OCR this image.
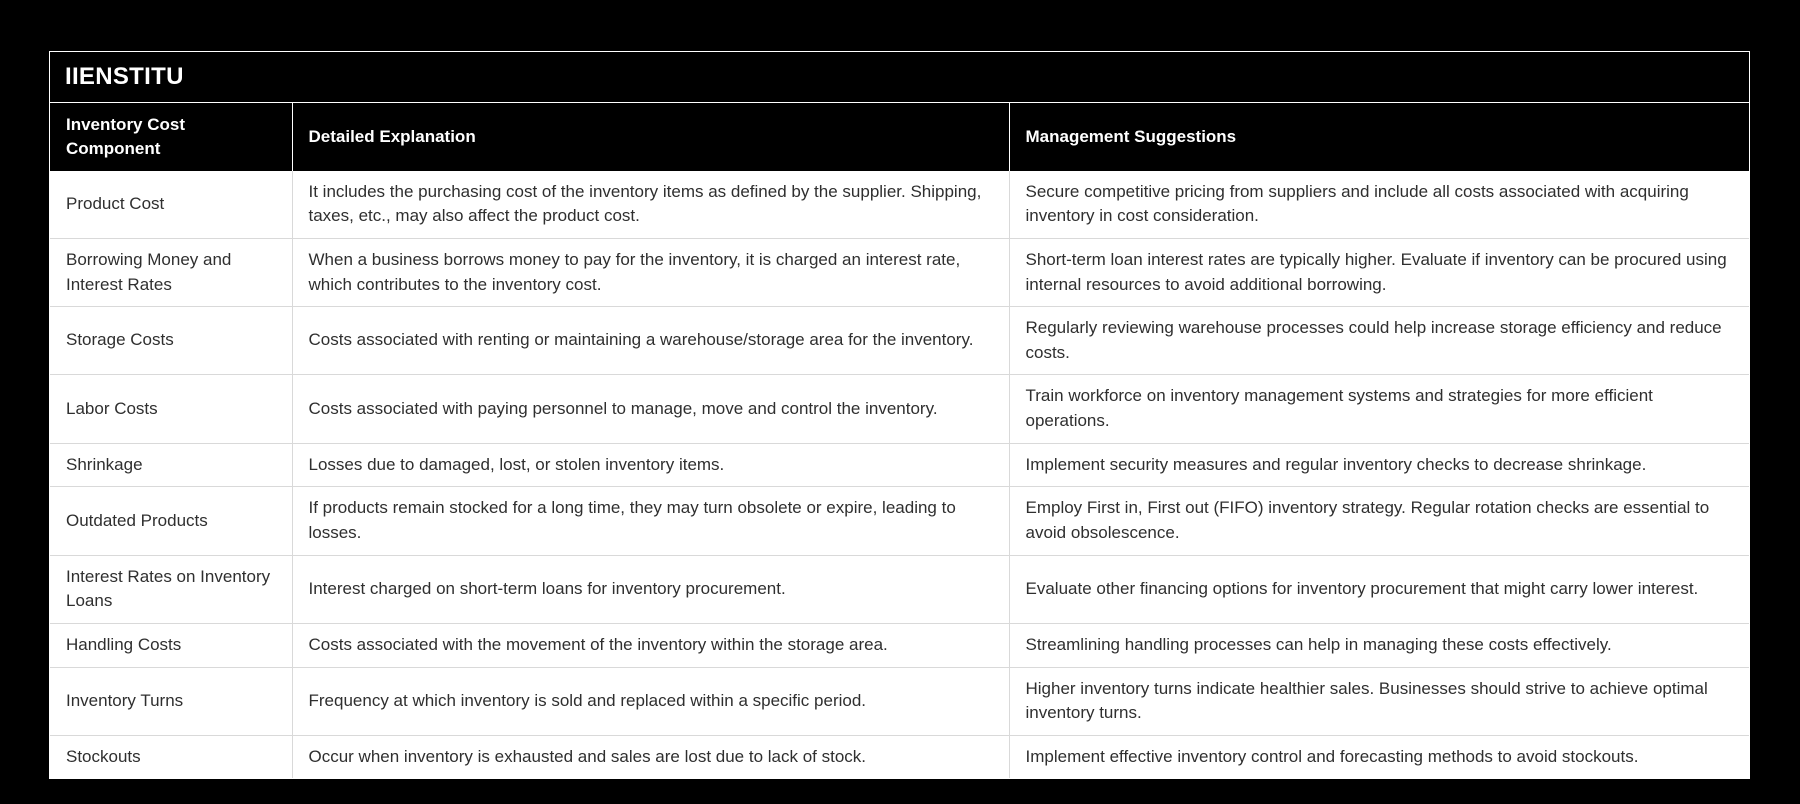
IIENSTITU
Inventory Cost Component	Detailed Explanation	Management Suggestions
Product Cost	It includes the purchasing cost of the inventory items as defined by the supplier. Shipping, taxes, etc., may also affect the product cost.	Secure competitive pricing from suppliers and include all costs associated with acquiring inventory in cost consideration.
Borrowing Money and Interest Rates	When a business borrows money to pay for the inventory, it is charged an interest rate, which contributes to the inventory cost.	Short-term loan interest rates are typically higher. Evaluate if inventory can be procured using internal resources to avoid additional borrowing.
Storage Costs	Costs associated with renting or maintaining a warehouse/storage area for the inventory.	Regularly reviewing warehouse processes could help increase storage efficiency and reduce costs.
Labor Costs	Costs associated with paying personnel to manage, move and control the inventory.	Train workforce on inventory management systems and strategies for more efficient operations.
Shrinkage	Losses due to damaged, lost, or stolen inventory items.	Implement security measures and regular inventory checks to decrease shrinkage.
Outdated Products	If products remain stocked for a long time, they may turn obsolete or expire, leading to losses.	Employ First in, First out (FIFO) inventory strategy. Regular rotation checks are essential to avoid obsolescence.
Interest Rates on Inventory Loans	Interest charged on short-term loans for inventory procurement.	Evaluate other financing options for inventory procurement that might carry lower interest.
Handling Costs	Costs associated with the movement of the inventory within the storage area.	Streamlining handling processes can help in managing these costs effectively.
Inventory Turns	Frequency at which inventory is sold and replaced within a specific period.	Higher inventory turns indicate healthier sales. Businesses should strive to achieve optimal inventory turns.
Stockouts	Occur when inventory is exhausted and sales are lost due to lack of stock.	Implement effective inventory control and forecasting methods to avoid stockouts.
